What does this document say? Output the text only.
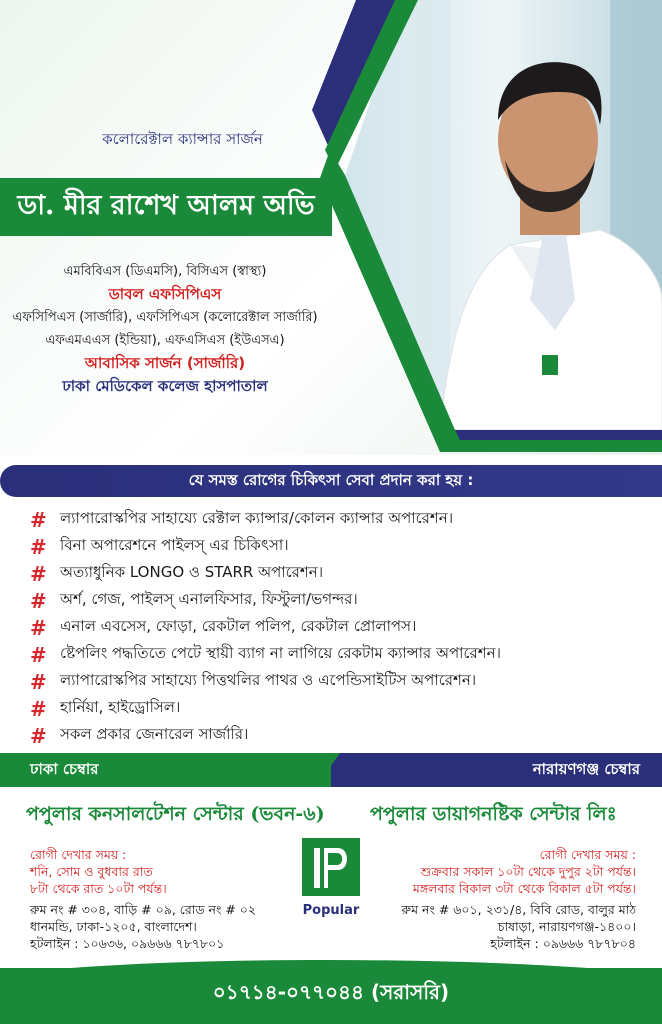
কলোরেক্টাল ক্যান্সার সার্জন
ডা. মীর রাশেখ আলম অভি
এমবিবিএস (ডিএমসি), বিসিএস (স্বাস্থ্য)
ডাবল এফসিপিএস
এফসিপিএস (সার্জারি), এফসিপিএস (কলোরেক্টাল সার্জারি)
এফএমএএস (ইন্ডিয়া), এফএসিএস (ইউএসএ)
আবাসিক সার্জন (সার্জারি)
ঢাকা মেডিকেল কলেজ হাসপাতাল
যে সমস্ত রোগের চিকিৎসা সেবা প্রদান করা হয় :
# ল্যাপারোস্কপির সাহায্যে রেক্টাল ক্যান্সার/কোলন ক্যান্সার অপারেশন।
# বিনা অপারেশনে পাইলস্ এর চিকিৎসা।
# অত্যাধুনিক LONGO ও STARR অপারেশন।
# অর্শ, গেজ, পাইলস্ এনালফিসার, ফিস্টুলা/ভগন্দর।
# এনাল এবসেস, ফোড়া, রেকটাল পলিপ, রেকটাল প্রোলাপস।
# ষ্টেপলিং পদ্ধতিতে পেটে স্থায়ী ব্যাগ না লাগিয়ে রেকটাম ক্যান্সার অপারেশন।
# ল্যাপারোস্কপির সাহায্যে পিত্তথলির পাথর ও এপেন্ডিসাইটিস অপারেশন।
# হার্নিয়া, হাইড্রোসিল।
# সকল প্রকার জেনারেল সার্জারি।
ঢাকা চেম্বার	নারায়ণগঞ্জ চেম্বার
পপুলার কনসালটেশন সেন্টার (ভবন-৬) পপুলার ডায়াগনষ্টিক সেন্টার লিঃ
রোগী দেখার সময় :
শনি, সোম ও বুধবার রাত
৮টা থেকে রাত ১০টা পর্যন্ত।
রুম নং # ৩০৪, বাড়ি # ০৯, রোড নং # ০২
ধানমন্ডি, ঢাকা-১২০৫, বাংলাদেশ।
হটলাইন : ১০৬৩৬, ০৯৬৬৬ ৭৮৭৮০১
রোগী দেখার সময় :
শুক্রবার সকাল ১০টা থেকে দুপুর ২টা পর্যন্ত।
মঙ্গলবার বিকাল ৩টা থেকে বিকাল ৫টা পর্যন্ত।
রুম নং # ৬০১, ২৩১/৪, বিবি রোড, বালুর মাঠ
চাষাড়া, নারায়ণগঞ্জ-১৪০০।
হটলাইন : ০৯৬৬৬ ৭৮৭৮০৪
Popular
০১৭১৪-০৭৭০৪৪ (সরাসরি)
